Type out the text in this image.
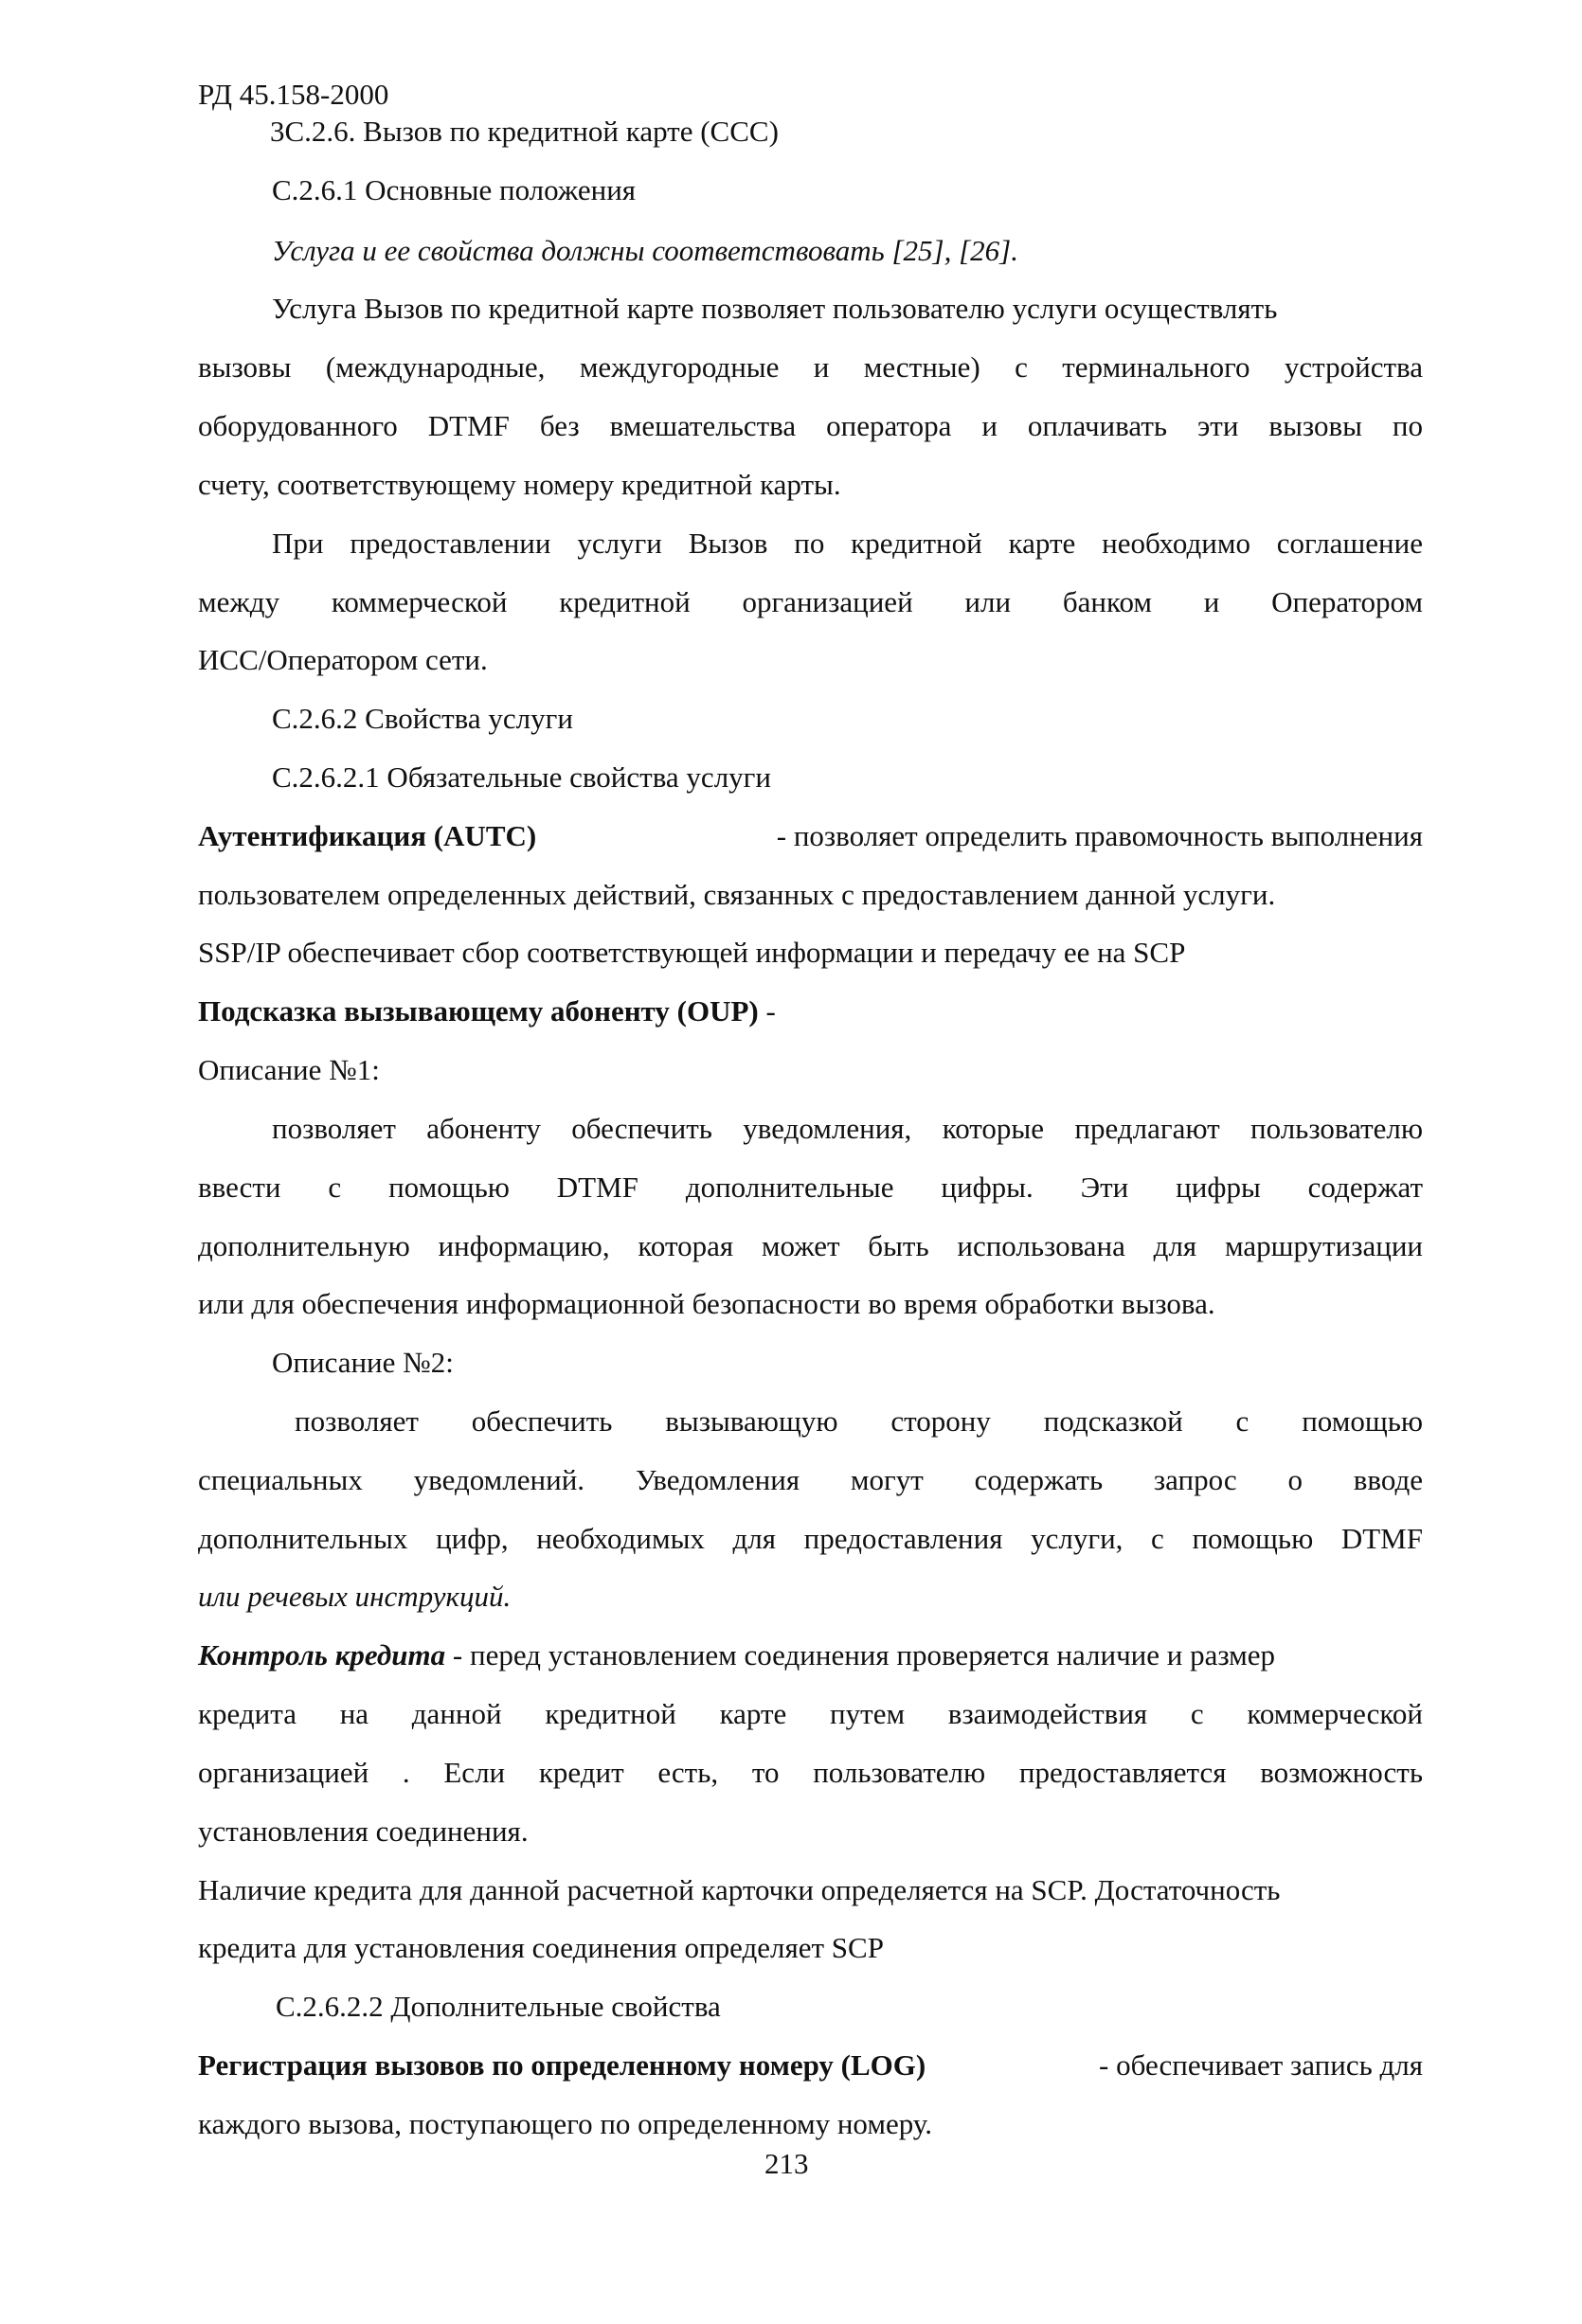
РД 45.158-2000
3С.2.6. Вызов по кредитной карте (ССС)
С.2.6.1 Основные положения
Услуга и ее свойства должны соответствовать [25], [26].
Услуга Вызов по кредитной карте позволяет пользователю услуги осуществлять
вызовы (международные, междугородные и местные) с терминального устройства
оборудованного DTMF без вмешательства оператора и оплачивать эти вызовы по
счету, соответствующему номеру кредитной карты.
При предоставлении услуги Вызов по кредитной карте необходимо соглашение
между коммерческой кредитной организацией или банком и Оператором
ИСС/Оператором сети.
С.2.6.2 Свойства услуги
С.2.6.2.1 Обязательные свойства услуги
Аутентификация (AUTC)	- позволяет определить правомочность выполнения
пользователем определенных действий, связанных с предоставлением данной услуги.
SSP/IP обеспечивает сбор соответствующей информации и передачу ее на SCP
Подсказка вызывающему абоненту (OUP) -
Описание №1:
позволяет абоненту обеспечить уведомления, которые предлагают пользователю
ввести с помощью DTMF дополнительные цифры. Эти цифры содержат
дополнительную информацию, которая может быть использована для маршрутизации
или для обеспечения информационной безопасности во время обработки вызова.
Описание №2:
позволяет обеспечить вызывающую сторону подсказкой с помощью
специальных уведомлений. Уведомления могут содержать запрос о вводе
дополнительных цифр, необходимых для предоставления услуги, с помощью DTMF
или речевых инструкций.
Контроль кредита - перед установлением соединения проверяется наличие и размер
кредита на данной кредитной карте путем взаимодействия с коммерческой
организацией . Если кредит есть, то пользователю предоставляется возможность
установления соединения.
Наличие кредита для данной расчетной карточки определяется на SCP. Достаточность
кредита для установления соединения определяет SCP
С.2.6.2.2 Дополнительные свойства
Регистрация вызовов по определенному номеру (LOG)	- обеспечивает запись для
каждого вызова, поступающего по определенному номеру.
213
